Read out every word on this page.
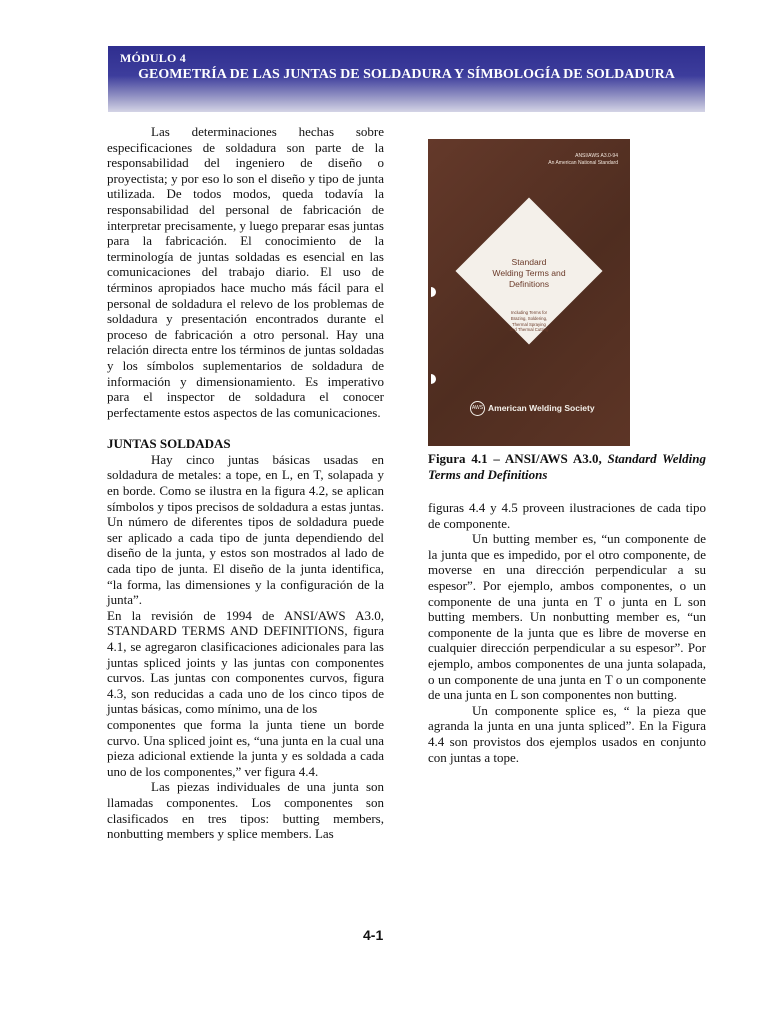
MÓDULO 4
GEOMETRÍA DE LAS JUNTAS DE SOLDADURA Y SÍMBOLOGÍA DE SOLDADURA

Las determinaciones hechas sobre especificaciones de soldadura son parte de la responsabilidad del ingeniero de diseño o proyectista; y por eso lo son el diseño y tipo de junta utilizada. De todos modos, queda todavía la responsabilidad del personal de fabricación de interpretar precisamente, y luego preparar esas juntas para la fabricación. El conocimiento de la terminología de juntas soldadas es esencial en las comunicaciones del trabajo diario. El uso de términos apropiados hace mucho más fácil para el personal de soldadura el relevo de los problemas de soldadura y presentación encontrados durante el proceso de fabricación a otro personal. Hay una relación directa entre los términos de juntas soldadas y los símbolos suplementarios de soldadura de información y dimensionamiento. Es imperativo para el inspector de soldadura el conocer perfectamente estos aspectos de las comunicaciones.

JUNTAS SOLDADAS

Hay cinco juntas básicas usadas en soldadura de metales: a tope, en L, en T, solapada y en borde. Como se ilustra en la figura 4.2, se aplican símbolos y tipos precisos de soldadura a estas juntas. Un número de diferentes tipos de soldadura puede ser aplicado a cada tipo de junta dependiendo del diseño de la junta, y estos son mostrados al lado de cada tipo de junta. El diseño de la junta identifica, “la forma, las dimensiones y la configuración de la junta”.

En la revisión de 1994 de ANSI/AWS A3.0, STANDARD TERMS AND DEFINITIONS, figura 4.1, se agregaron clasificaciones adicionales para las juntas spliced joints y las juntas con componentes curvos. Las juntas con componentes curvos, figura 4.3, son reducidas a cada uno de los cinco tipos de juntas básicas, como mínimo, una de los

componentes que forma la junta tiene un borde curvo. Una spliced joint es, “una junta en la cual una pieza adicional extiende la junta y es soldada a cada uno de los componentes,” ver figura 4.4.

Las piezas individuales de una junta son llamadas componentes. Los componentes son clasificados en tres tipos: butting members, nonbutting members y splice members. Las

ANSI/AWS A3.0-94
An American National Standard
Standard
Welding Terms and
Definitions
Including Terms for
Brazing, Soldering,
Thermal Spraying
and Thermal Cutting
AWS American Welding Society
Figura 4.1 – ANSI/AWS A3.0, Standard Welding Terms and Definitions

figuras 4.4 y 4.5 proveen ilustraciones de cada tipo de componente.

Un butting member es, “un componente de la junta que es impedido, por el otro componente, de moverse en una dirección perpendicular a su espesor”. Por ejemplo, ambos componentes, o un componente de una junta en T o junta en L son butting members. Un nonbutting member es, “un componente de la junta que es libre de moverse en cualquier dirección perpendicular a su espesor”. Por ejemplo, ambos componentes de una junta solapada, o un componente de una junta en T o un componente de una junta en L son componentes non butting.

Un componente splice es, “ la pieza que agranda la junta en una junta spliced”. En la Figura 4.4 son provistos dos ejemplos usados en conjunto con juntas a tope.

4-1
